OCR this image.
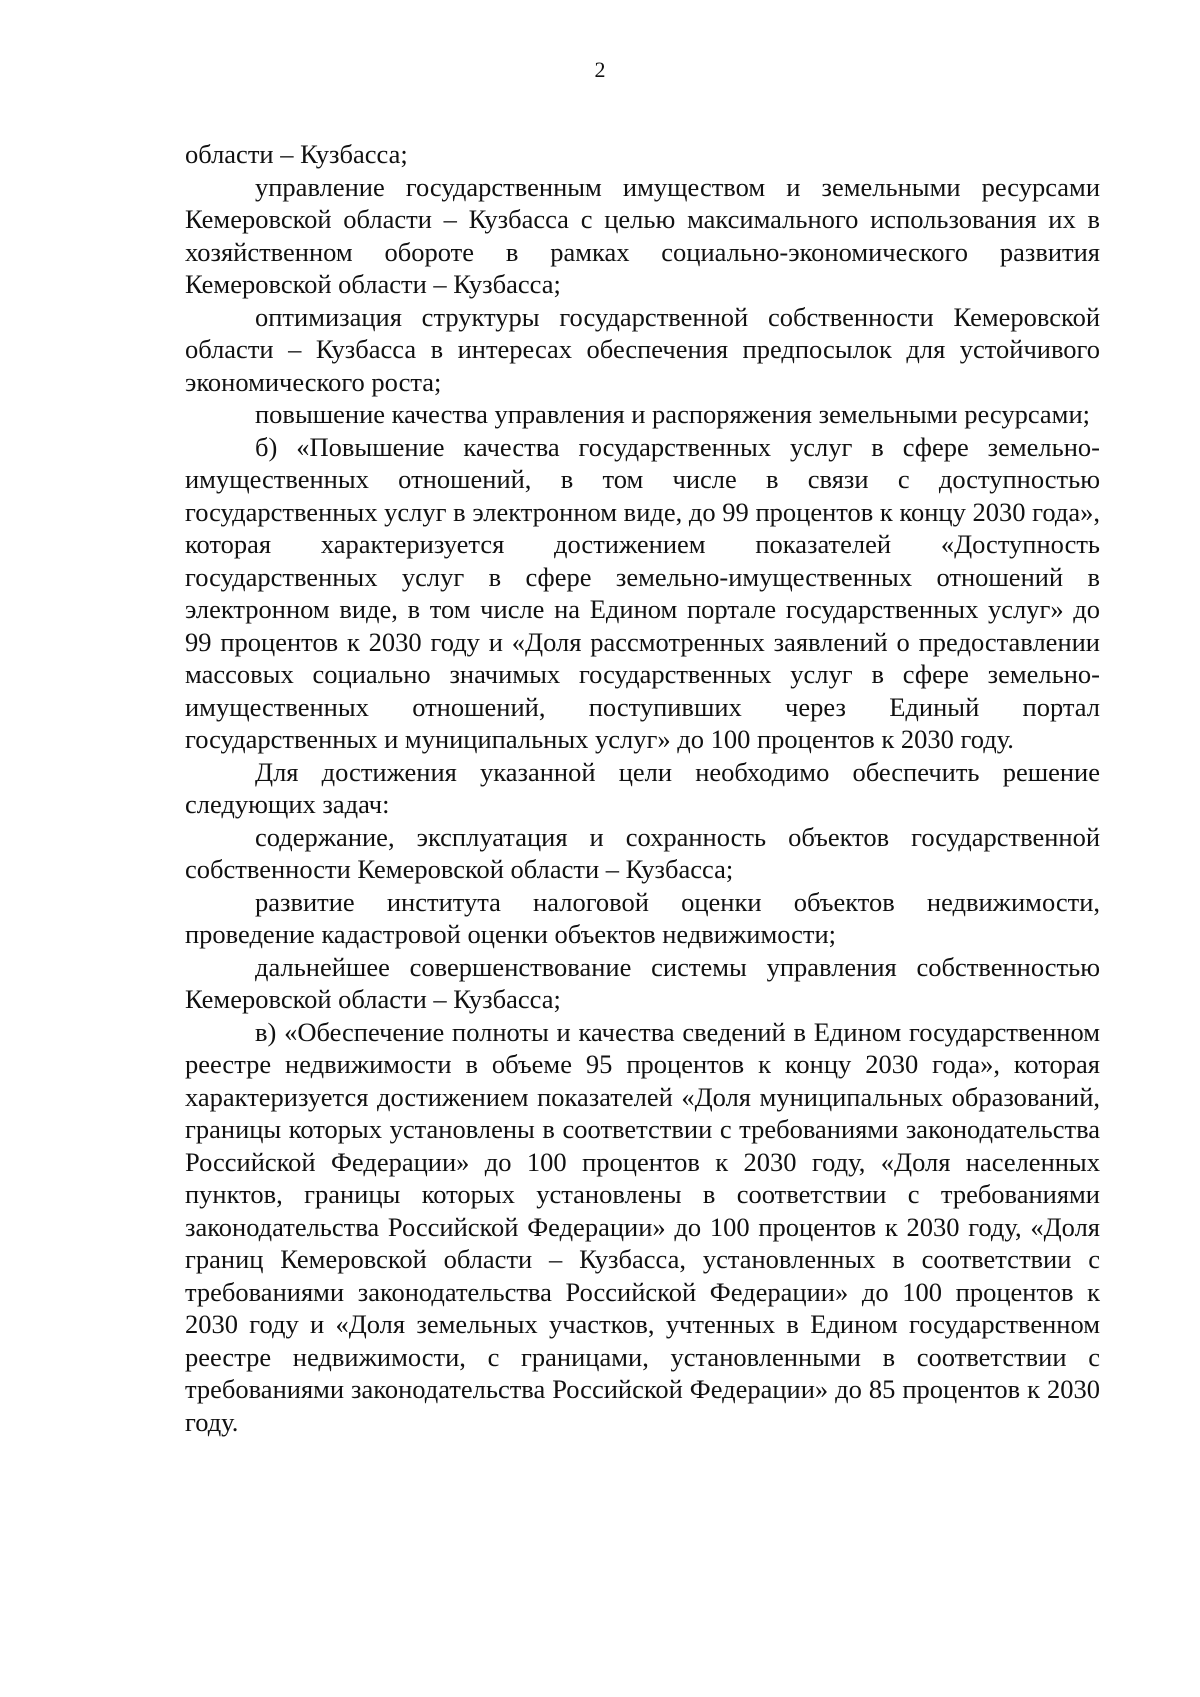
2

области – Кузбасса;

управление государственным имуществом и земельными ресурсами Кемеровской области – Кузбасса с целью максимального использования их в хозяйственном обороте в рамках социально-экономического развития Кемеровской области – Кузбасса;

оптимизация структуры государственной собственности Кемеровской области – Кузбасса в интересах обеспечения предпосылок для устойчивого экономического роста;

повышение качества управления и распоряжения земельными ресурсами;

б) «Повышение качества государственных услуг в сфере земельно-имущественных отношений, в том числе в связи с доступностью государственных услуг в электронном виде, до 99 процентов к концу 2030 года», которая характеризуется достижением показателей «Доступность государственных услуг в сфере земельно-имущественных отношений в электронном виде, в том числе на Едином портале государственных услуг» до 99 процентов к 2030 году и «Доля рассмотренных заявлений о предоставлении массовых социально значимых государственных услуг в сфере земельно-имущественных отношений, поступивших через Единый портал государственных и муниципальных услуг» до 100 процентов к 2030 году.

Для достижения указанной цели необходимо обеспечить решение следующих задач:

содержание, эксплуатация и сохранность объектов государственной собственности Кемеровской области – Кузбасса;

развитие института налоговой оценки объектов недвижимости, проведение кадастровой оценки объектов недвижимости;

дальнейшее совершенствование системы управления собственностью Кемеровской области – Кузбасса;

в) «Обеспечение полноты и качества сведений в Едином государственном реестре недвижимости в объеме 95 процентов к концу 2030 года», которая характеризуется достижением показателей «Доля муниципальных образований, границы которых установлены в соответствии с требованиями законодательства Российской Федерации» до 100 процентов к 2030 году, «Доля населенных пунктов, границы которых установлены в соответствии с требованиями законодательства Российской Федерации» до 100 процентов к 2030 году, «Доля границ Кемеровской области – Кузбасса, установленных в соответствии с требованиями законодательства Российской Федерации» до 100 процентов к 2030 году и «Доля земельных участков, учтенных в Едином государственном реестре недвижимости, с границами, установленными в соответствии с требованиями законодательства Российской Федерации» до 85 процентов к 2030 году.
